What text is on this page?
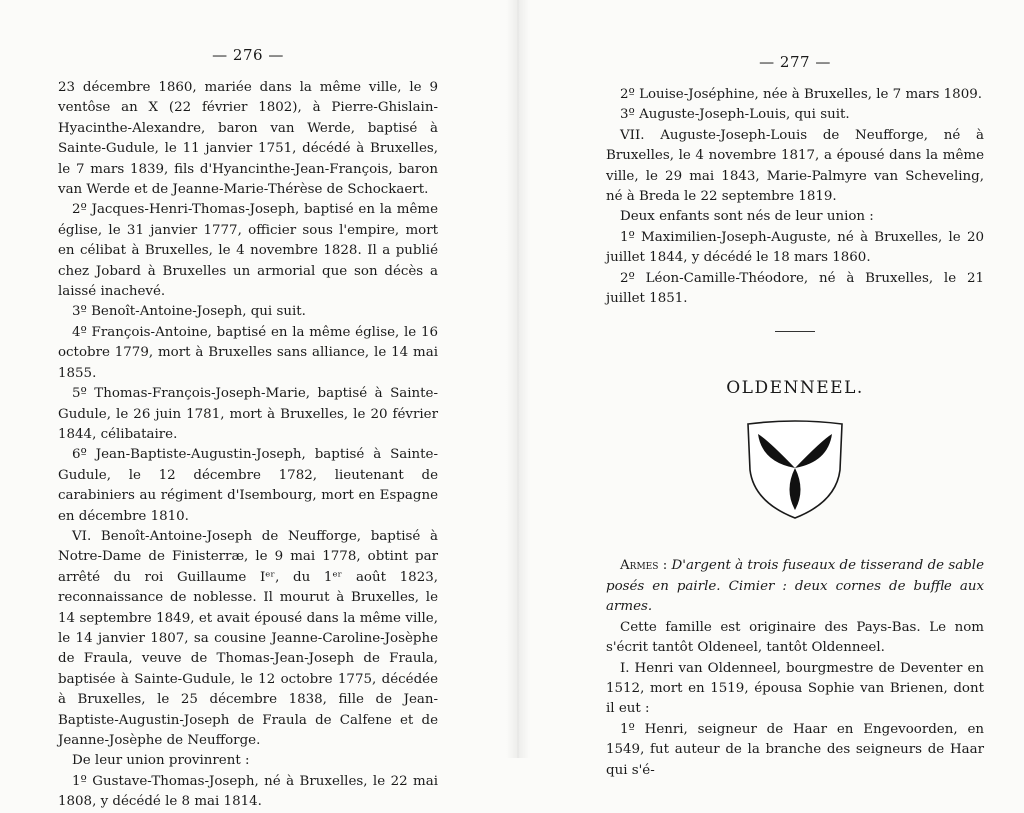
— 276 —

23 décembre 1860, mariée dans la même ville, le 9 ventôse an X (22 février 1802), à Pierre-Ghislain-Hyacinthe-Alexandre, baron van Werde, baptisé à Sainte-Gudule, le 11 janvier 1751, décédé à Bruxelles, le 7 mars 1839, fils d'Hyancinthe-Jean-François, baron van Werde et de Jeanne-Marie-Thérèse de Schockaert.

2º Jacques-Henri-Thomas-Joseph, baptisé en la même église, le 31 janvier 1777, officier sous l'empire, mort en célibat à Bruxelles, le 4 novembre 1828. Il a publié chez Jobard à Bruxelles un armorial que son décès a laissé inachevé.

3º Benoît-Antoine-Joseph, qui suit.

4º François-Antoine, baptisé en la même église, le 16 octobre 1779, mort à Bruxelles sans alliance, le 14 mai 1855.

5º Thomas-François-Joseph-Marie, baptisé à Sainte-Gudule, le 26 juin 1781, mort à Bruxelles, le 20 février 1844, célibataire.

6º Jean-Baptiste-Augustin-Joseph, baptisé à Sainte-Gudule, le 12 décembre 1782, lieutenant de carabiniers au régiment d'Isembourg, mort en Espagne en décembre 1810.

VI. Benoît-Antoine-Joseph de Neufforge, baptisé à Notre-Dame de Finisterræ, le 9 mai 1778, obtint par arrêté du roi Guillaume Iᵉʳ, du 1ᵉʳ août 1823, reconnaissance de noblesse. Il mourut à Bruxelles, le 14 septembre 1849, et avait épousé dans la même ville, le 14 janvier 1807, sa cousine Jeanne-Caroline-Josèphe de Fraula, veuve de Thomas-Jean-Joseph de Fraula, baptisée à Sainte-Gudule, le 12 octobre 1775, décédée à Bruxelles, le 25 décembre 1838, fille de Jean-Baptiste-Augustin-Joseph de Fraula de Calfene et de Jeanne-Josèphe de Neufforge.

De leur union provinrent :

1º Gustave-Thomas-Joseph, né à Bruxelles, le 22 mai 1808, y décédé le 8 mai 1814.

— 277 —

2º Louise-Joséphine, née à Bruxelles, le 7 mars 1809.

3º Auguste-Joseph-Louis, qui suit.

VII. Auguste-Joseph-Louis de Neufforge, né à Bruxelles, le 4 novembre 1817, a épousé dans la même ville, le 29 mai 1843, Marie-Palmyre van Scheveling, né à Breda le 22 septembre 1819.

Deux enfants sont nés de leur union :

1º Maximilien-Joseph-Auguste, né à Bruxelles, le 20 juillet 1844, y décédé le 18 mars 1860.

2º Léon-Camille-Théodore, né à Bruxelles, le 21 juillet 1851.

OLDENNEEL.

Armes : D'argent à trois fuseaux de tisserand de sable posés en pairle. Cimier : deux cornes de buffle aux armes.

Cette famille est originaire des Pays-Bas. Le nom s'écrit tantôt Oldeneel, tantôt Oldenneel.

I. Henri van Oldenneel, bourgmestre de Deventer en 1512, mort en 1519, épousa Sophie van Brienen, dont il eut :

1º Henri, seigneur de Haar en Engevoorden, en 1549, fut auteur de la branche des seigneurs de Haar qui s'é-
